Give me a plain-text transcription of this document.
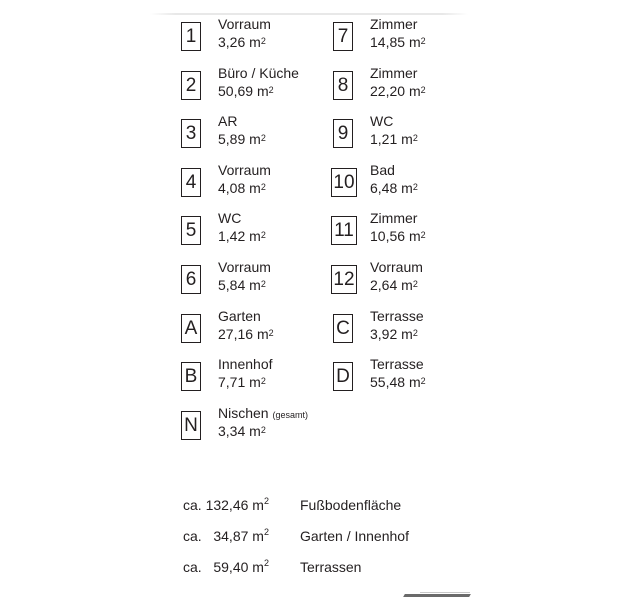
1
Vorraum
3,26 $m^2$
2
Büro / Küche
50,69 $m^2$
3
AR
5,89 $m^2$
4
Vorraum
4,08 $m^2$
5
WC
1,42 $m^2$
6
Vorraum
5,84 $m^2$
A
Garten
27,16 $m^2$
B
Innenhof
7,71 $m^2$
N
Nischen (gesamt)
3,34 $m^2$
7
Zimmer
14,85 $m^2$
8
Zimmer
22,20 $m^2$
9
WC
1,21 $m^2$
10
Bad
6,48 $m^2$
11
Zimmer
10,56 $m^2$
12
Vorraum
2,64 $m^2$
C
Terrasse
3,92 $m^2$
D
Terrasse
55,48 $m^2$
ca. 132,46 $m^2$ Fußbodenfläche
ca. 34,87 $m^2$ Garten / Innenhof
ca. 59,40 $m^2$ Terrassen
